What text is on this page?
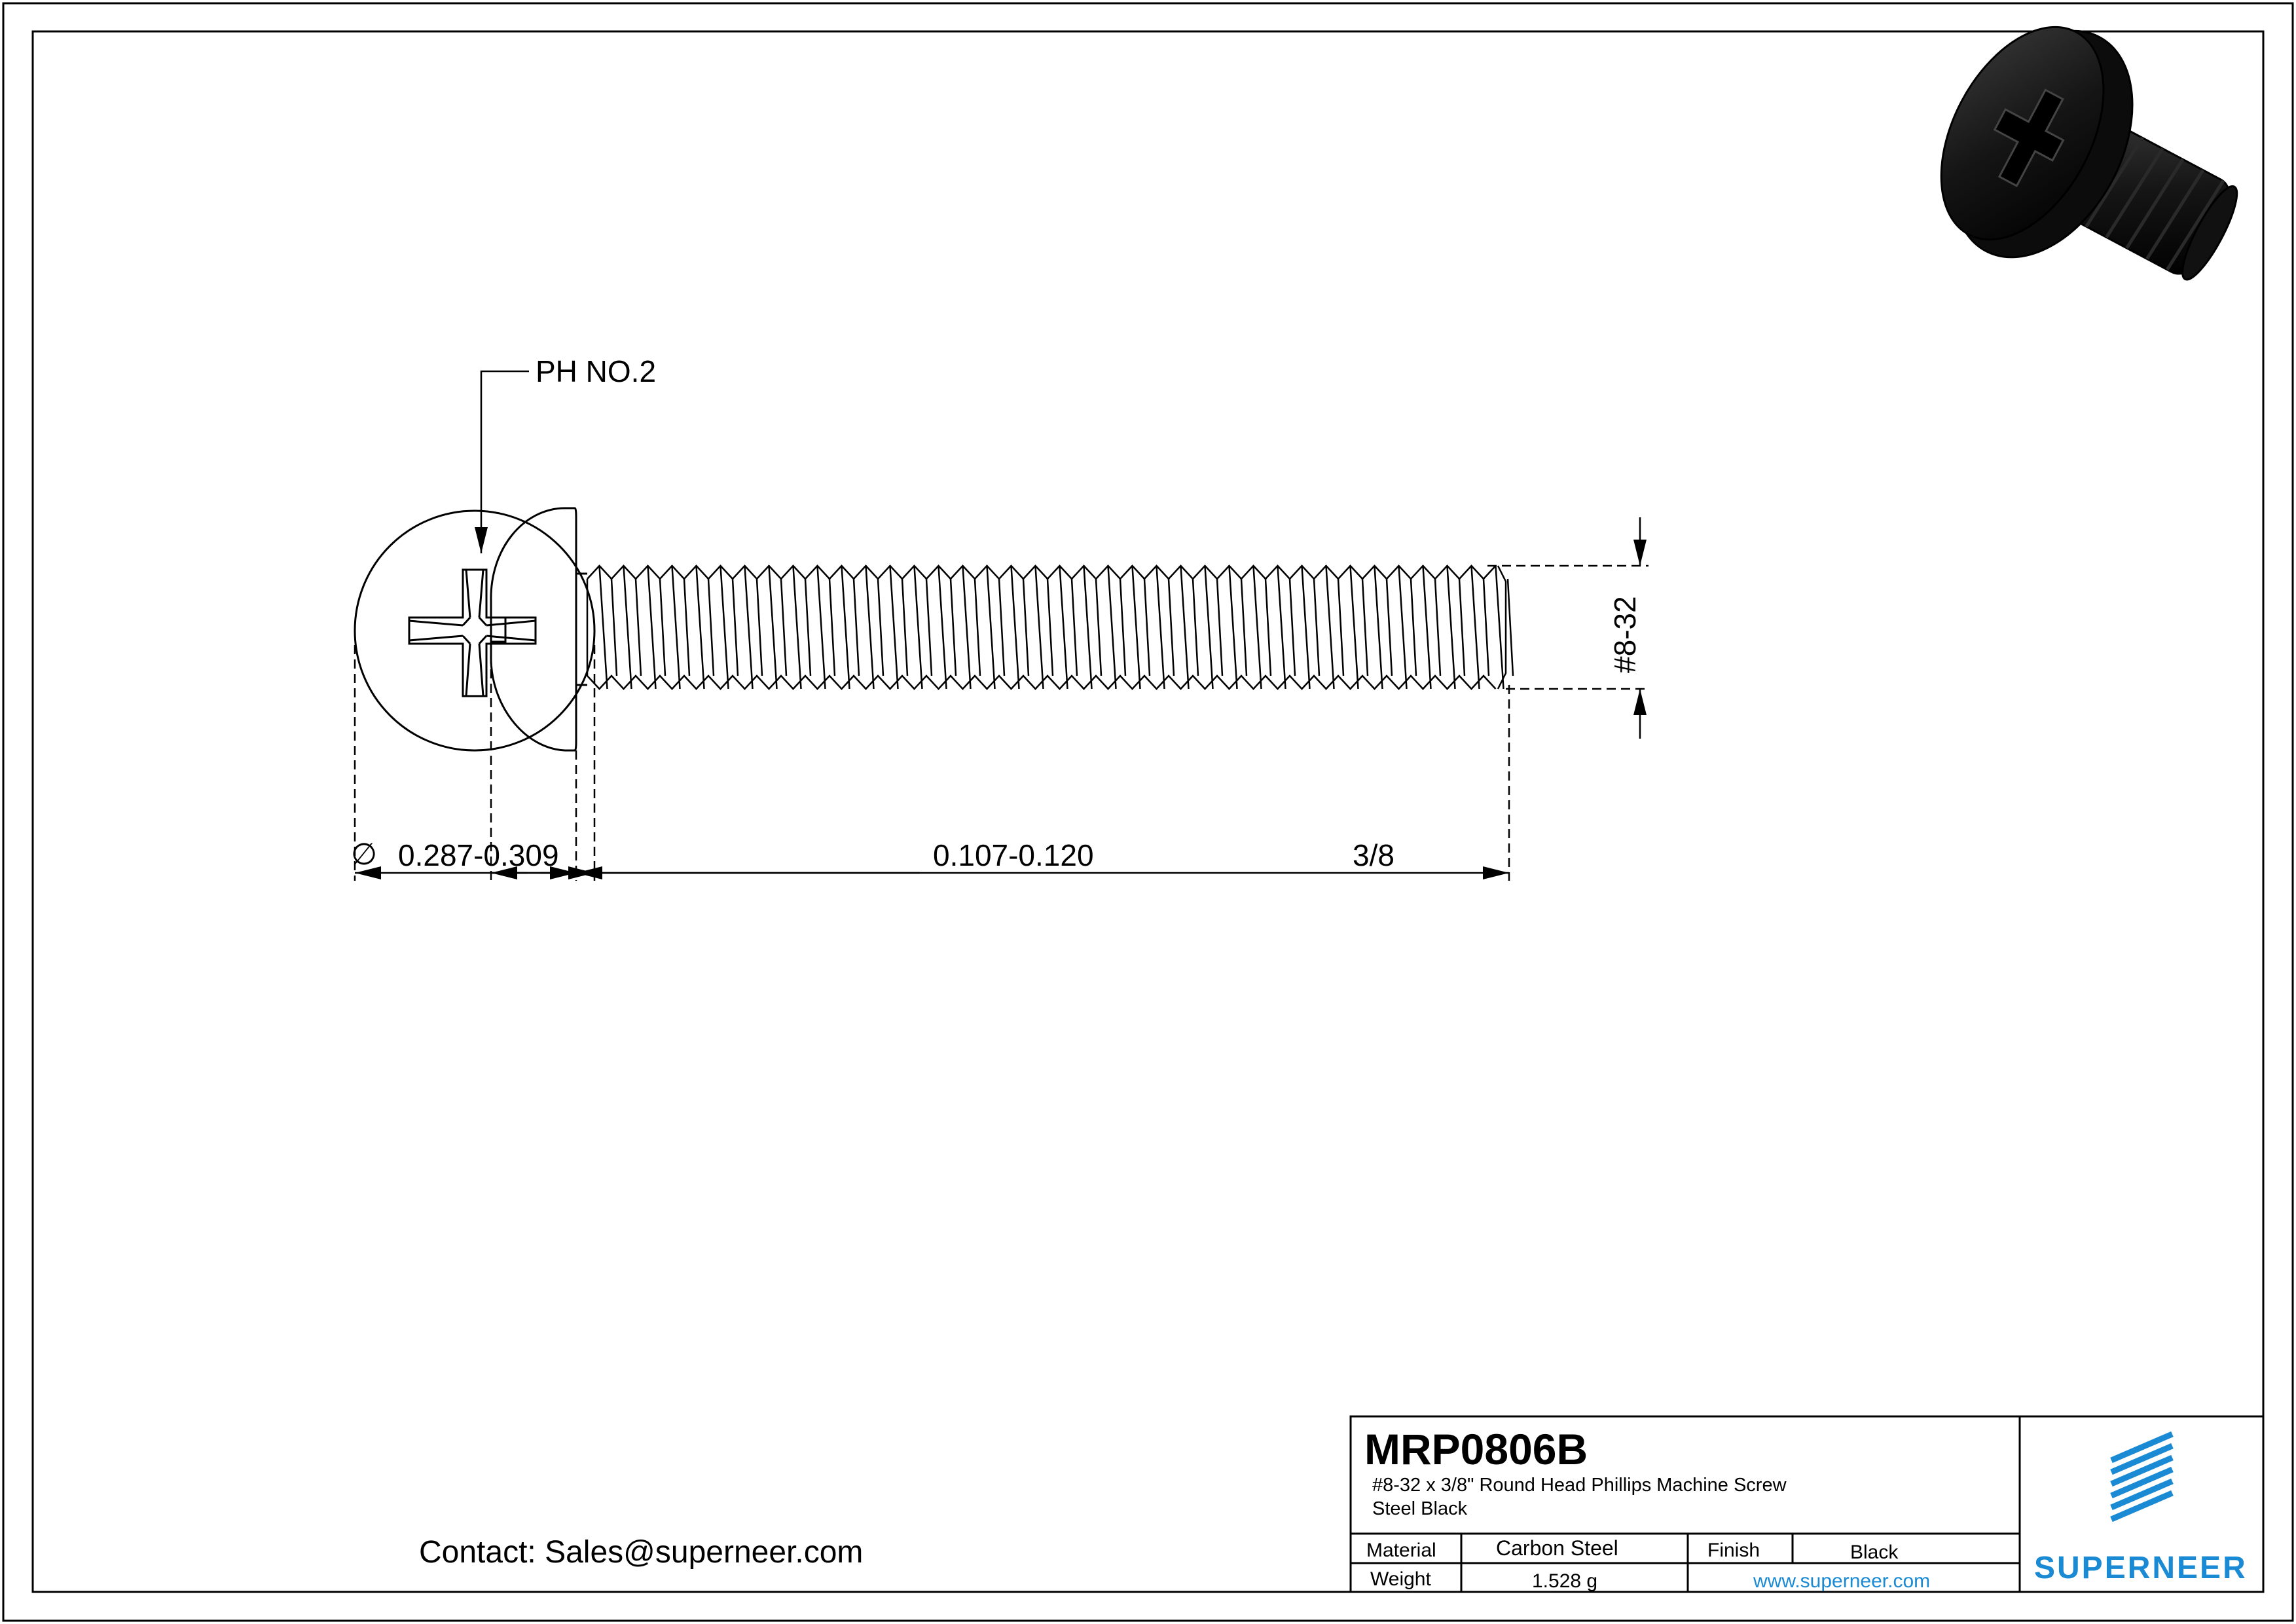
PH NO.2
∅ 0.287-0.309
#8-32
0.107-0.120	3/8
MRP0806B
#8-32 x 3/8" Round Head Phillips Machine Screw
Steel Black
Material	Carbon Steel	Finish	Black
Weight	1.528 g	www.superneer.com	SUPERNEER
Contact: Sales@superneer.com
